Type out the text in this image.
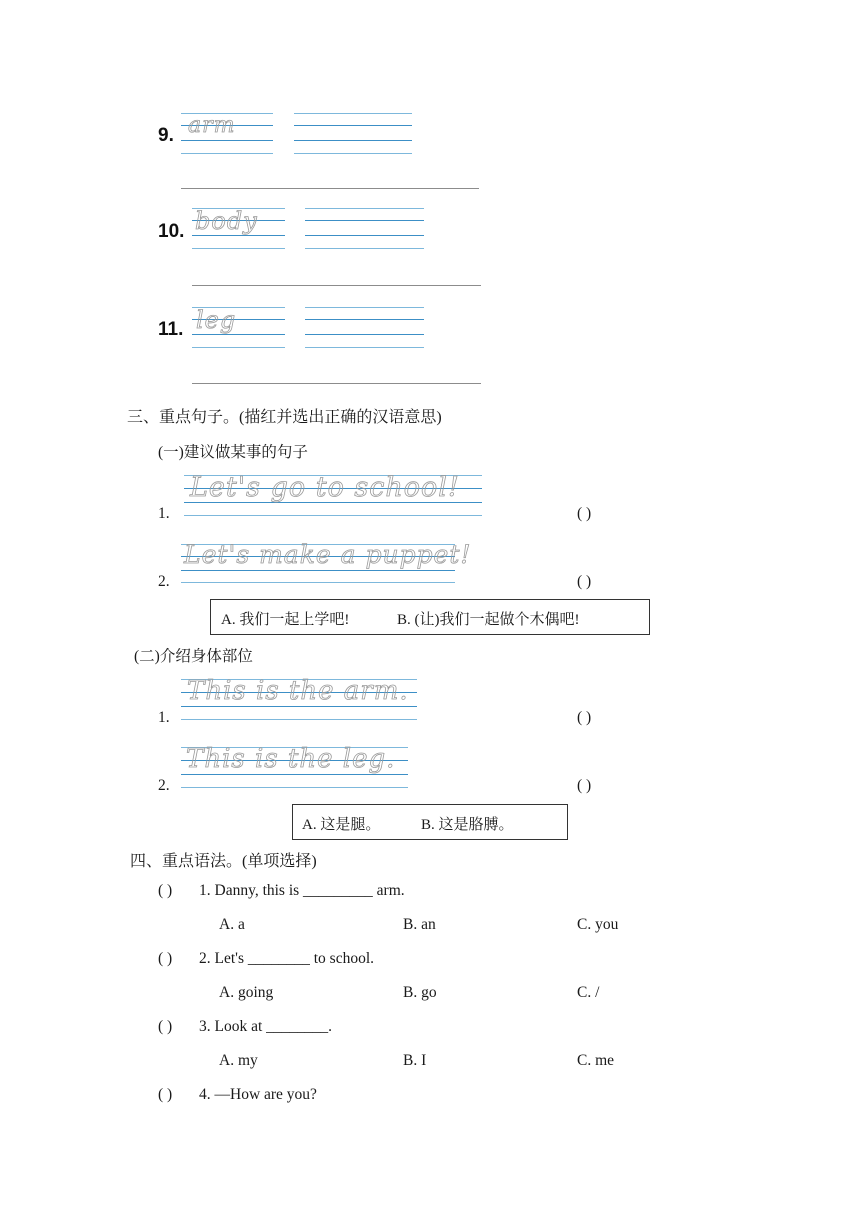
9. arm
10. body
11. leg
三、重点句子。(描红并选出正确的汉语意思)
(一)建议做某事的句子
1.
Let's go to school!
( )
2.
Let's make a puppet!
( )
A. 我们一起上学吧!	B. (让)我们一起做个木偶吧!
(二)介绍身体部位
1.
This is the arm.
( )
2.
This is the leg.
( )
A. 这是腿。	B. 这是胳膊。
四、重点语法。(单项选择)
( ) 1. Danny, this is _________ arm.
A. a	B. an	C. you
( ) 2. Let's ________ to school.
A. going	B. go	C. /
( ) 3. Look at ________.
A. my	B. I	C. me
( ) 4. —How are you?
